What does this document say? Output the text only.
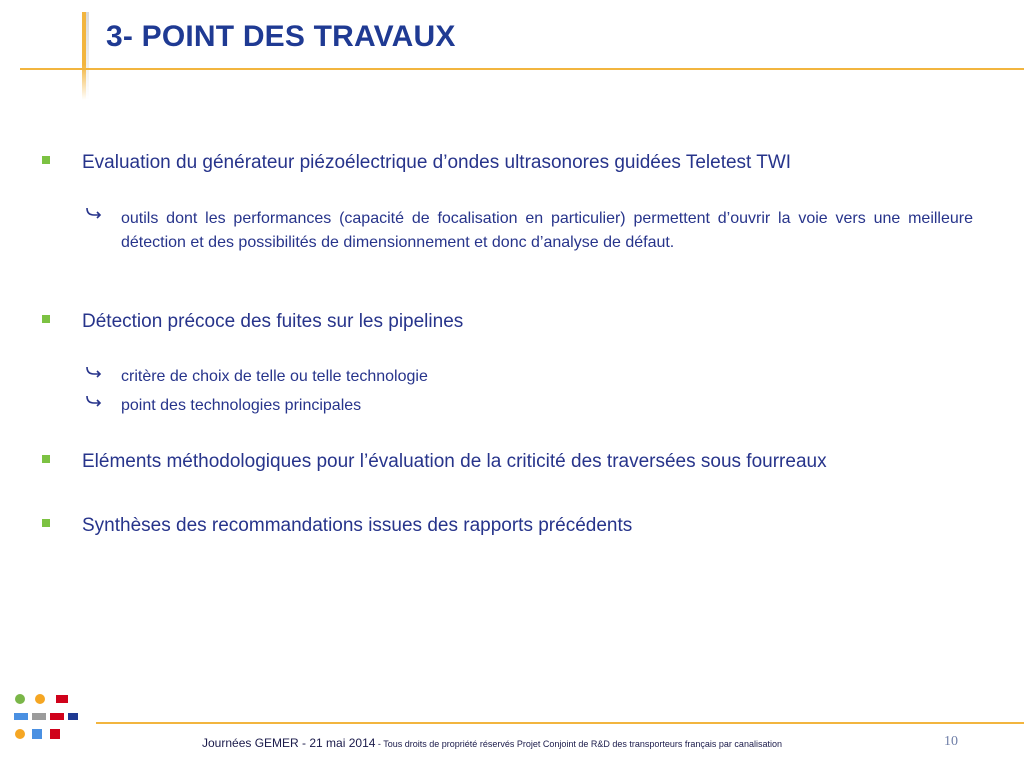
3- POINT DES TRAVAUX
Evaluation du générateur piézoélectrique d’ondes ultrasonores guidées Teletest TWI
outils dont les performances (capacité de focalisation en particulier) permettent d’ouvrir la voie vers une meilleure détection et des possibilités de dimensionnement et donc d’analyse de défaut.
Détection précoce des fuites sur les pipelines
critère de choix de telle ou telle technologie
point des technologies principales
Eléments méthodologiques pour l’évaluation de la criticité des traversées sous fourreaux
Synthèses des recommandations issues des rapports précédents
Journées GEMER - 21 mai 2014 - Tous droits de propriété réservés Projet Conjoint de R&D des transporteurs français par canalisation	10
